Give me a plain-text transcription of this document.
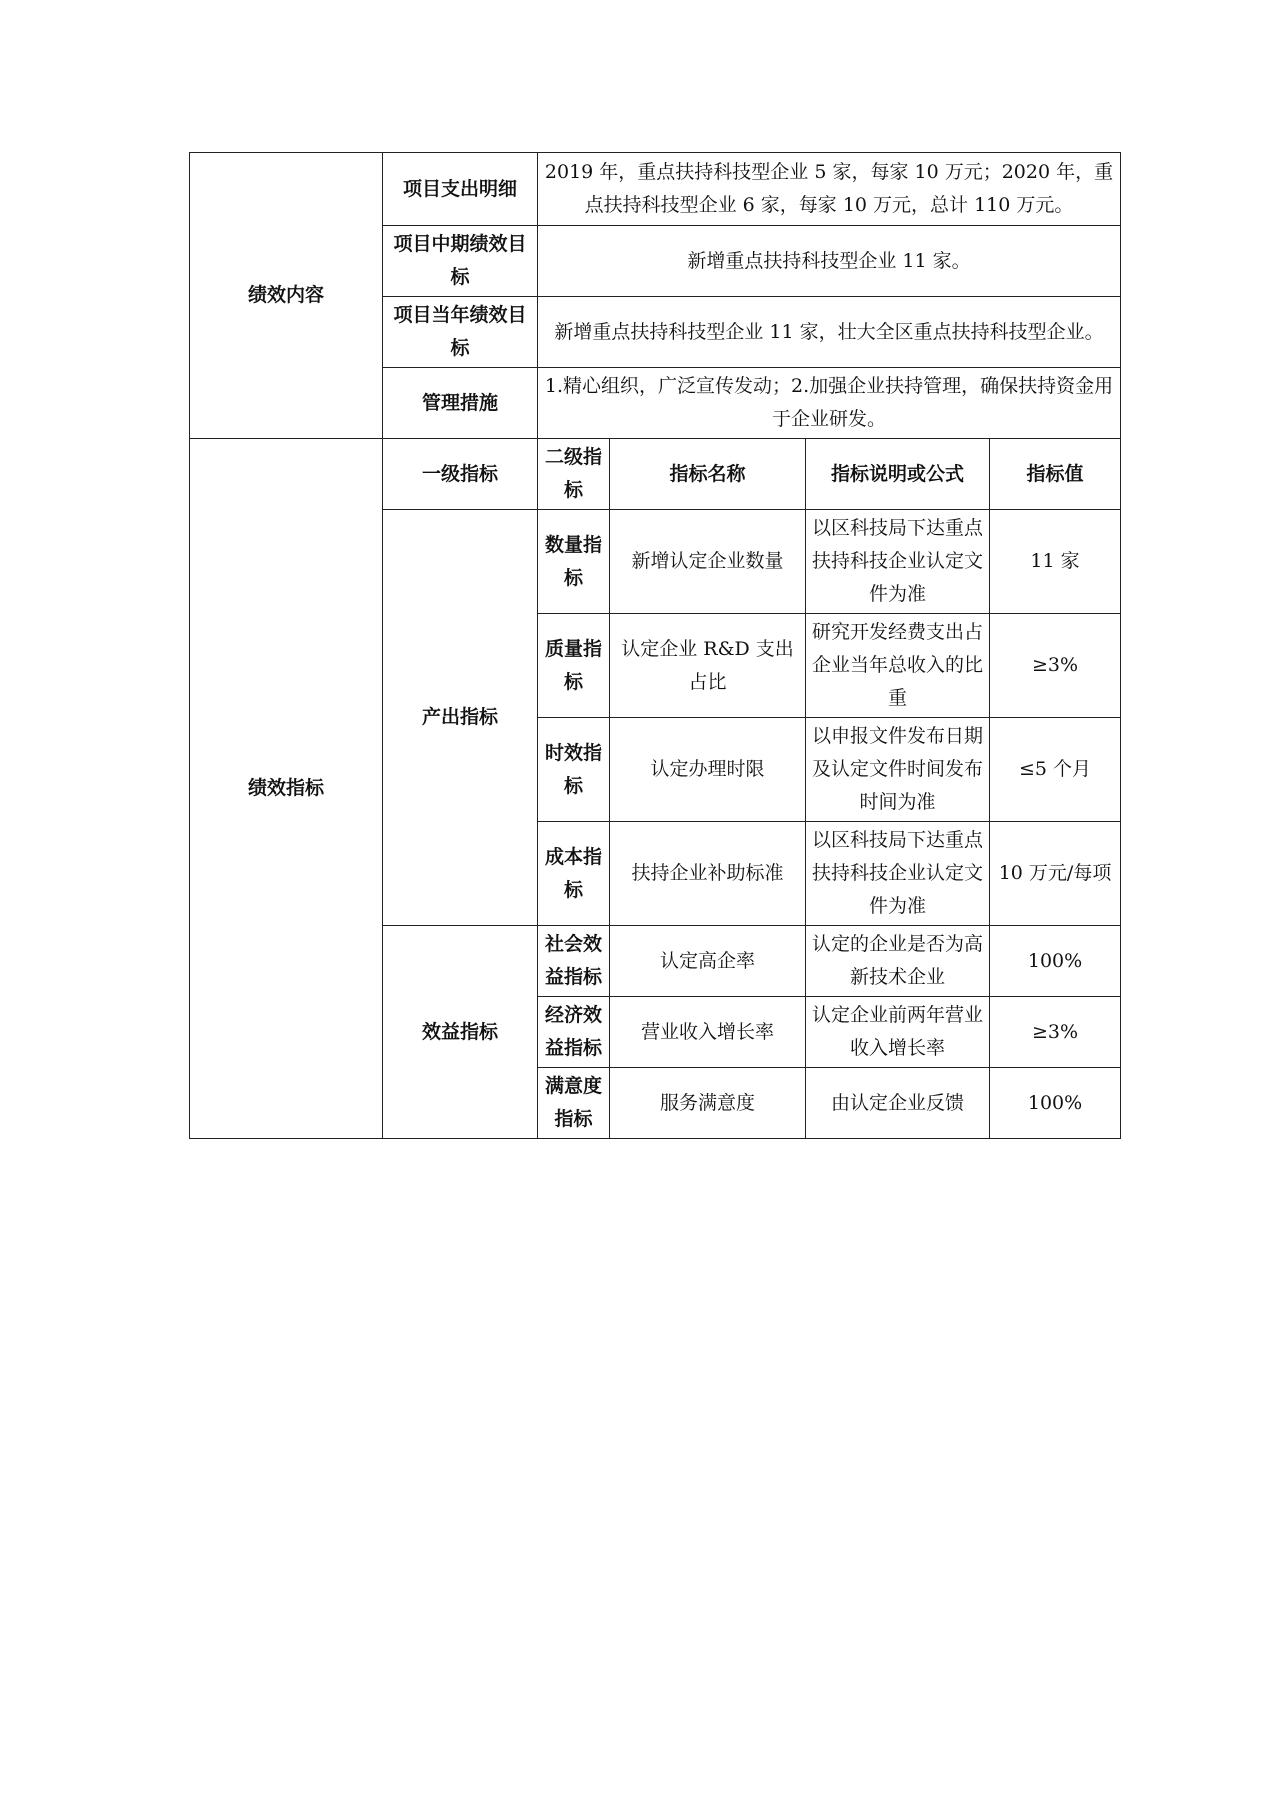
绩效内容	项目支出明细	2019 年，重点扶持科技型企业 5 家，每家 10 万元；2020 年，重点扶持科技型企业 6 家，每家 10 万元，总计 110 万元。			
	项目中期绩效目标	新增重点扶持科技型企业 11 家。			
	项目当年绩效目标	新增重点扶持科技型企业 11 家，壮大全区重点扶持科技型企业。			
	管理措施	1.精心组织，广泛宣传发动；2.加强企业扶持管理，确保扶持资金用于企业研发。			
绩效指标	一级指标	二级指标	指标名称	指标说明或公式	指标值
	产出指标	数量指标	新增认定企业数量	以区科技局下达重点扶持科技企业认定文件为准	11 家
		质量指标	认定企业 R&D 支出占比	研究开发经费支出占企业当年总收入的比重	≥3%
		时效指标	认定办理时限	以申报文件发布日期及认定文件时间发布时间为准	≤5 个月
		成本指标	扶持企业补助标准	以区科技局下达重点扶持科技企业认定文件为准	10 万元/每项
	效益指标	社会效益指标	认定高企率	认定的企业是否为高新技术企业	100%
		经济效益指标	营业收入增长率	认定企业前两年营业收入增长率	≥3%
		满意度指标	服务满意度	由认定企业反馈	100%
